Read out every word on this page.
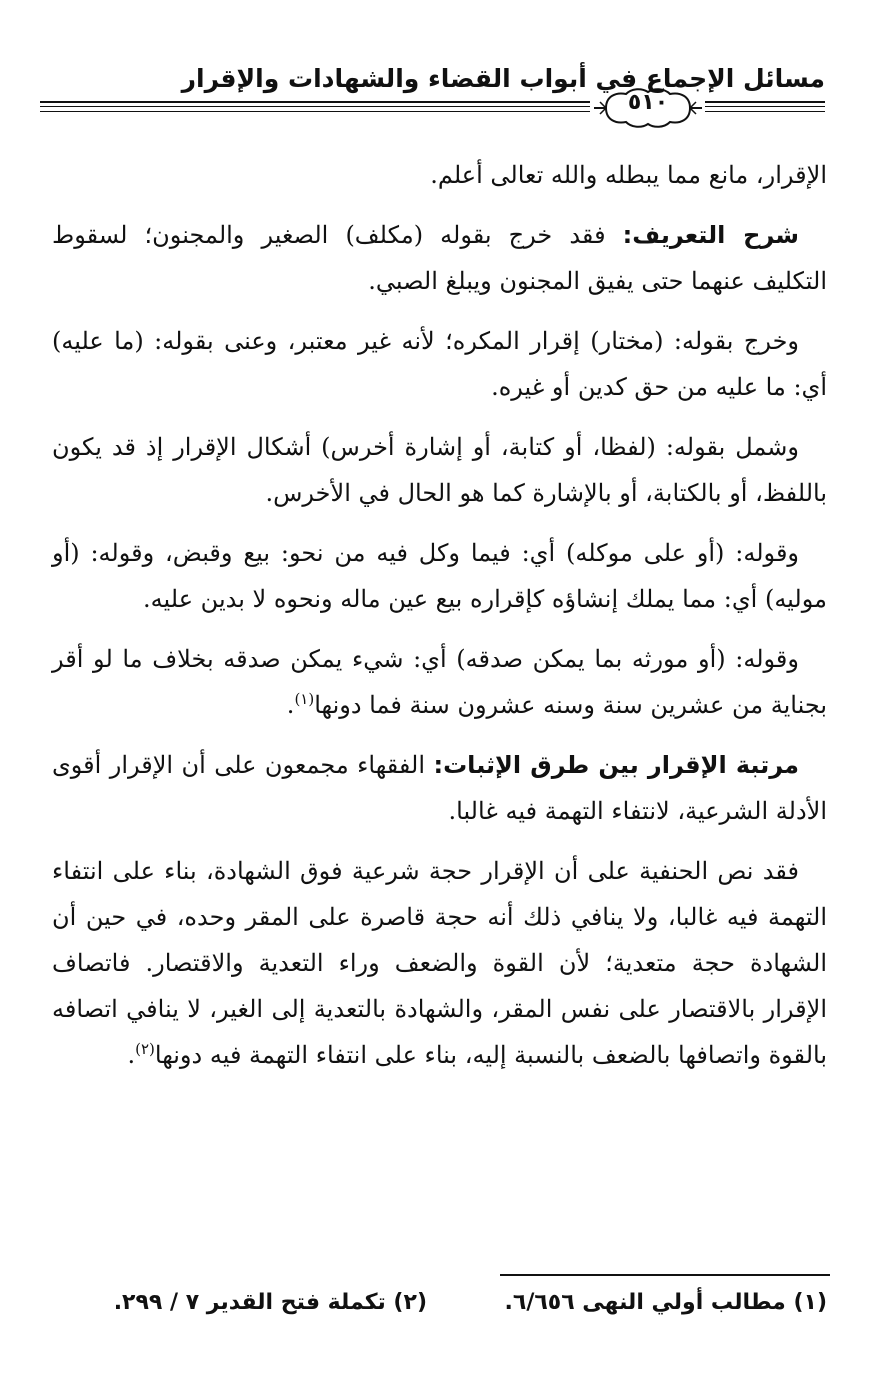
مسائل الإجماع في أبواب القضاء والشهادات والإقرار
٥١٠

الإقرار، مانع مما يبطله والله تعالى أعلم.

شرح التعريف: فقد خرج بقوله (مكلف) الصغير والمجنون؛ لسقوط التكليف عنهما حتى يفيق المجنون ويبلغ الصبي.

وخرج بقوله: (مختار) إقرار المكره؛ لأنه غير معتبر، وعنى بقوله: (ما عليه) أي: ما عليه من حق كدين أو غيره.

وشمل بقوله: (لفظا، أو كتابة، أو إشارة أخرس) أشكال الإقرار إذ قد يكون باللفظ، أو بالكتابة، أو بالإشارة كما هو الحال في الأخرس.

وقوله: (أو على موكله) أي: فيما وكل فيه من نحو: بيع وقبض، وقوله: (أو موليه) أي: مما يملك إنشاؤه كإقراره بيع عين ماله ونحوه لا بدين عليه.

وقوله: (أو مورثه بما يمكن صدقه) أي: شيء يمكن صدقه بخلاف ما لو أقر بجناية من عشرين سنة وسنه عشرون سنة فما دونها$^{(١)}$.

مرتبة الإقرار بين طرق الإثبات: الفقهاء مجمعون على أن الإقرار أقوى الأدلة الشرعية، لانتفاء التهمة فيه غالبا.

فقد نص الحنفية على أن الإقرار حجة شرعية فوق الشهادة، بناء على انتفاء التهمة فيه غالبا، ولا ينافي ذلك أنه حجة قاصرة على المقر وحده، في حين أن الشهادة حجة متعدية؛ لأن القوة والضعف وراء التعدية والاقتصار. فاتصاف الإقرار بالاقتصار على نفس المقر، والشهادة بالتعدية إلى الغير، لا ينافي اتصافه بالقوة واتصافها بالضعف بالنسبة إليه، بناء على انتفاء التهمة فيه دونها$^{(٢)}$.

(١) مطالب أولي النهى ٦/٦٥٦.
(٢) تكملة فتح القدير ٧ / ٢٩٩.
